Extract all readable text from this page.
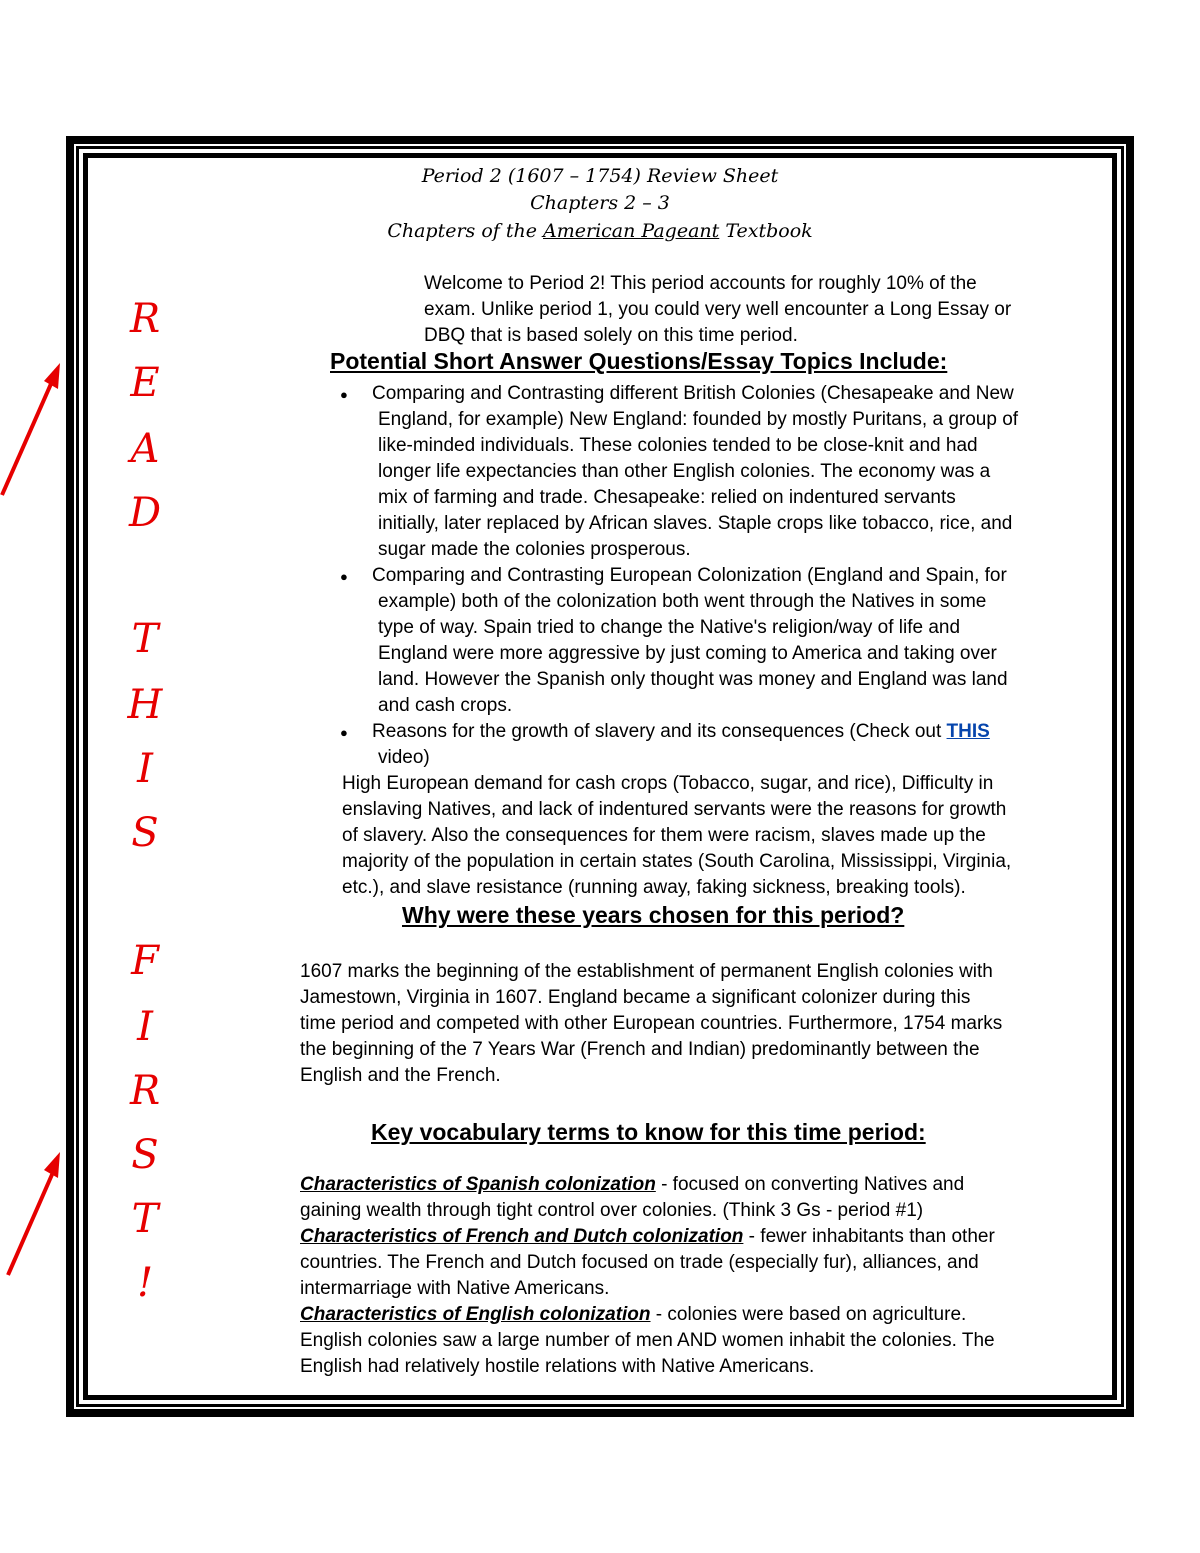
Period 2 (1607 – 1754) Review Sheet
Chapters 2 – 3
Chapters of the American Pageant Textbook
R
E
A
D
T
H
I
S
F
I
R
S
T
!
Welcome to Period 2! This period accounts for roughly 10% of the
exam. Unlike period 1, you could very well encounter a Long Essay or
DBQ that is based solely on this time period.
Potential Short Answer Questions/Essay Topics Include:
● Comparing and Contrasting different British Colonies (Chesapeake and New
England, for example) New England: founded by mostly Puritans, a group of
like-minded individuals. These colonies tended to be close-knit and had
longer life expectancies than other English colonies. The economy was a
mix of farming and trade. Chesapeake: relied on indentured servants
initially, later replaced by African slaves. Staple crops like tobacco, rice, and
sugar made the colonies prosperous.
● Comparing and Contrasting European Colonization (England and Spain, for
example) both of the colonization both went through the Natives in some
type of way. Spain tried to change the Native's religion/way of life and
England were more aggressive by just coming to America and taking over
land. However the Spanish only thought was money and England was land
and cash crops.
● Reasons for the growth of slavery and its consequences (Check out THIS
video)
High European demand for cash crops (Tobacco, sugar, and rice), Difficulty in
enslaving Natives, and lack of indentured servants were the reasons for growth
of slavery. Also the consequences for them were racism, slaves made up the
majority of the population in certain states (South Carolina, Mississippi, Virginia,
etc.), and slave resistance (running away, faking sickness, breaking tools).
Why were these years chosen for this period?
1607 marks the beginning of the establishment of permanent English colonies with
Jamestown, Virginia in 1607. England became a significant colonizer during this
time period and competed with other European countries. Furthermore, 1754 marks
the beginning of the 7 Years War (French and Indian) predominantly between the
English and the French.
Key vocabulary terms to know for this time period:
Characteristics of Spanish colonization - focused on converting Natives and
gaining wealth through tight control over colonies. (Think 3 Gs - period #1)
Characteristics of French and Dutch colonization - fewer inhabitants than other
countries. The French and Dutch focused on trade (especially fur), alliances, and
intermarriage with Native Americans.
Characteristics of English colonization - colonies were based on agriculture.
English colonies saw a large number of men AND women inhabit the colonies. The
English had relatively hostile relations with Native Americans.
